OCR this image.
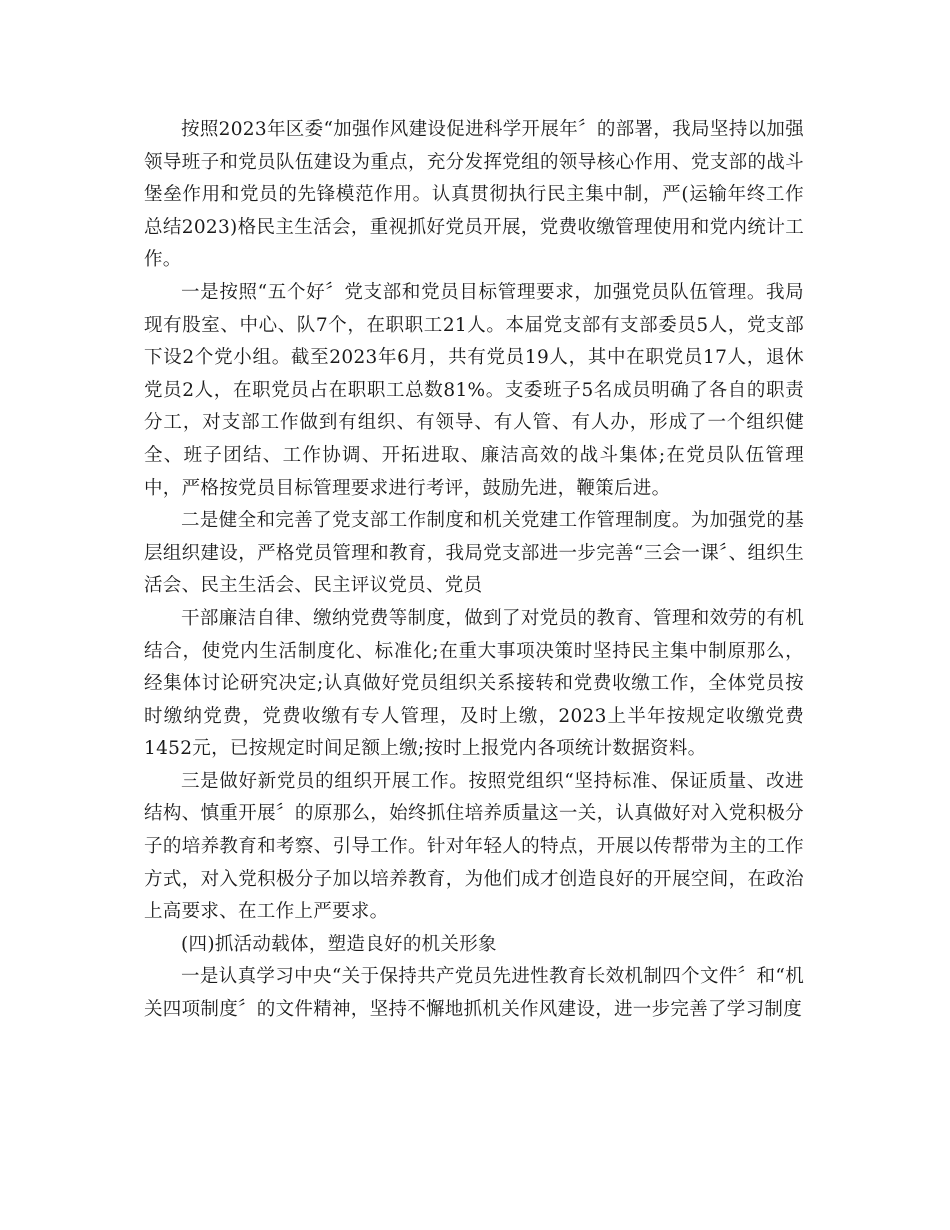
按照2023年区委“加强作风建设促进科学开展年〞的部署，我局坚持以加强领导班子和党员队伍建设为重点，充分发挥党组的领导核心作用、党支部的战斗堡垒作用和党员的先锋模范作用。认真贯彻执行民主集中制，严(运输年终工作总结2023)格民主生活会，重视抓好党员开展，党费收缴管理使用和党内统计工作。

一是按照“五个好〞党支部和党员目标管理要求，加强党员队伍管理。我局现有股室、中心、队7个，在职职工21人。本届党支部有支部委员5人，党支部下设2个党小组。截至2023年6月，共有党员19人，其中在职党员17人，退休党员2人，在职党员占在职职工总数81%。支委班子5名成员明确了各自的职责分工，对支部工作做到有组织、有领导、有人管、有人办，形成了一个组织健全、班子团结、工作协调、开拓进取、廉洁高效的战斗集体;在党员队伍管理中，严格按党员目标管理要求进行考评，鼓励先进，鞭策后进。

二是健全和完善了党支部工作制度和机关党建工作管理制度。为加强党的基层组织建设，严格党员管理和教育，我局党支部进一步完善“三会一课〞、组织生活会、民主生活会、民主评议党员、党员

干部廉洁自律、缴纳党费等制度，做到了对党员的教育、管理和效劳的有机结合，使党内生活制度化、标准化;在重大事项决策时坚持民主集中制原那么，经集体讨论研究决定;认真做好党员组织关系接转和党费收缴工作，全体党员按时缴纳党费，党费收缴有专人管理，及时上缴，2023上半年按规定收缴党费1452元，已按规定时间足额上缴;按时上报党内各项统计数据资料。

三是做好新党员的组织开展工作。按照党组织“坚持标准、保证质量、改进结构、慎重开展〞的原那么，始终抓住培养质量这一关，认真做好对入党积极分子的培养教育和考察、引导工作。针对年轻人的特点，开展以传帮带为主的工作方式，对入党积极分子加以培养教育，为他们成才创造良好的开展空间，在政治上高要求、在工作上严要求。

(四)抓活动载体，塑造良好的机关形象

一是认真学习中央“关于保持共产党员先进性教育长效机制四个文件〞和“机关四项制度〞的文件精神，坚持不懈地抓机关作风建设，进一步完善了学习制度
